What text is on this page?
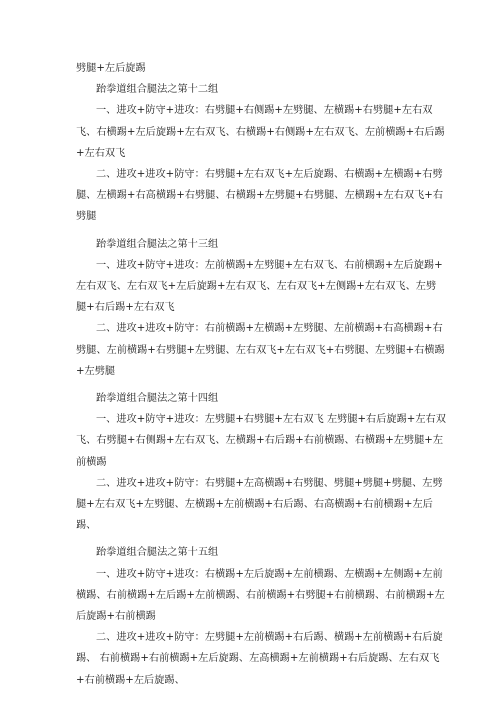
劈腿+左后旋踢

跆拳道组合腿法之第十二组

一、进攻+防守+进攻：右劈腿+右侧踢+左劈腿、左横踢+右劈腿+左右双

飞、右横踢+左后旋踢+左右双飞、右横踢+右侧踢+左右双飞、左前横踢+右后踢

+左右双飞

二、进攻+进攻+防守：右劈腿+左右双飞+左后旋踢、右横踢+左横踢+右劈

腿、左横踢+右高横踢+右劈腿、右横踢+左劈腿+右劈腿、左横踢+左右双飞+右

劈腿

跆拳道组合腿法之第十三组

一、进攻+防守+进攻：左前横踢+左劈腿+左右双飞、右前横踢+左后旋踢+

左右双飞、左右双飞+左后旋踢+左右双飞、左右双飞+左侧踢+左右双飞、左劈

腿+右后踢+左右双飞

二、进攻+进攻+防守：右前横踢+左横踢+左劈腿、左前横踢+右高横踢+右

劈腿、左前横踢+右劈腿+左劈腿、左右双飞+左右双飞+右劈腿、左劈腿+右横踢

+左劈腿

跆拳道组合腿法之第十四组

一、进攻+防守+进攻：左劈腿+右劈腿+左右双飞 左劈腿+右后旋踢+左右双

飞、右劈腿+右侧踢+左右双飞、左横踢+右后踢+右前横踢、右横踢+左劈腿+左

前横踢

二、进攻+进攻+防守：右劈腿+左高横踢+右劈腿、劈腿+劈腿+劈腿、左劈

腿+左右双飞+左劈腿、左横踢+左前横踢+右后踢、右高横踢+右前横踢+左后

踢、

跆拳道组合腿法之第十五组

一、进攻+防守+进攻：右横踢+左后旋踢+左前横踢、左横踢+左侧踢+左前

横踢、右前横踢+左后踢+左前横踢、右前横踢+右劈腿+右前横踢、右前横踢+左

后旋踢+右前横踢

二、进攻+进攻+防守：左劈腿+左前横踢+右后踢、横踢+左前横踢+右后旋

踢、 右前横踢+右前横踢+左后旋踢、左高横踢+左前横踢+右后旋踢、左右双飞

+右前横踢+左后旋踢、
